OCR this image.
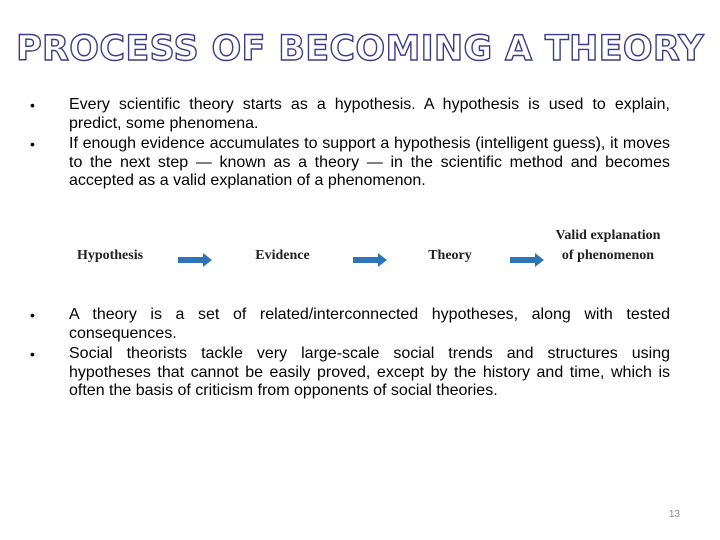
PROCESS OF BECOMING A THEORY
• Every scientific theory starts as a hypothesis. A hypothesis is used to explain, predict, some phenomena.
• If enough evidence accumulates to support a hypothesis (intelligent guess), it moves to the next step — known as a theory — in the scientific method and becomes accepted as a valid explanation of a phenomenon.
Hypothesis	Evidence	Theory
Valid explanation of phenomenon
• A theory is a set of related/interconnected hypotheses, along with tested consequences.
• Social theorists tackle very large-scale social trends and structures using hypotheses that cannot be easily proved, except by the history and time, which is often the basis of criticism from opponents of social theories.
13
